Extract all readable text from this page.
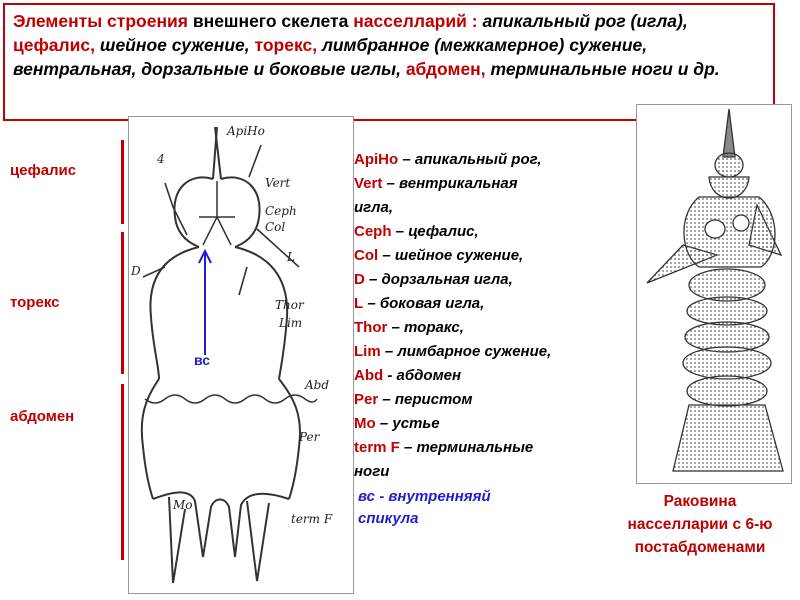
Элементы строения внешнего скелета насселларий : апикальный рог (игла), цефалис, шейное сужение, торекс, лимбранное (межкамерное) сужение, вентральная, дорзальные и боковые иглы, абдомен, терминальные ноги и др.
цефалис
торекс
абдомен
вс
4
ApiHo
Vert
Ceph
Col
L
D
Thor
Lim
Abd
Per
Mo
term F
ApiHo – апикальный рог,
Vert – вентрикальная
игла,
Ceph – цефалис,
Col – шейное сужение,
D – дорзальная игла,
L – боковая игла,
Thor – торакс,
Lim – лимбарное сужение,
Abd - абдомен
Per – перистом
Mo – устье
term F – терминальные
ноги
вс - внутренняяй
спикула
Раковина
насселларии с 6-ю
постабдоменами
